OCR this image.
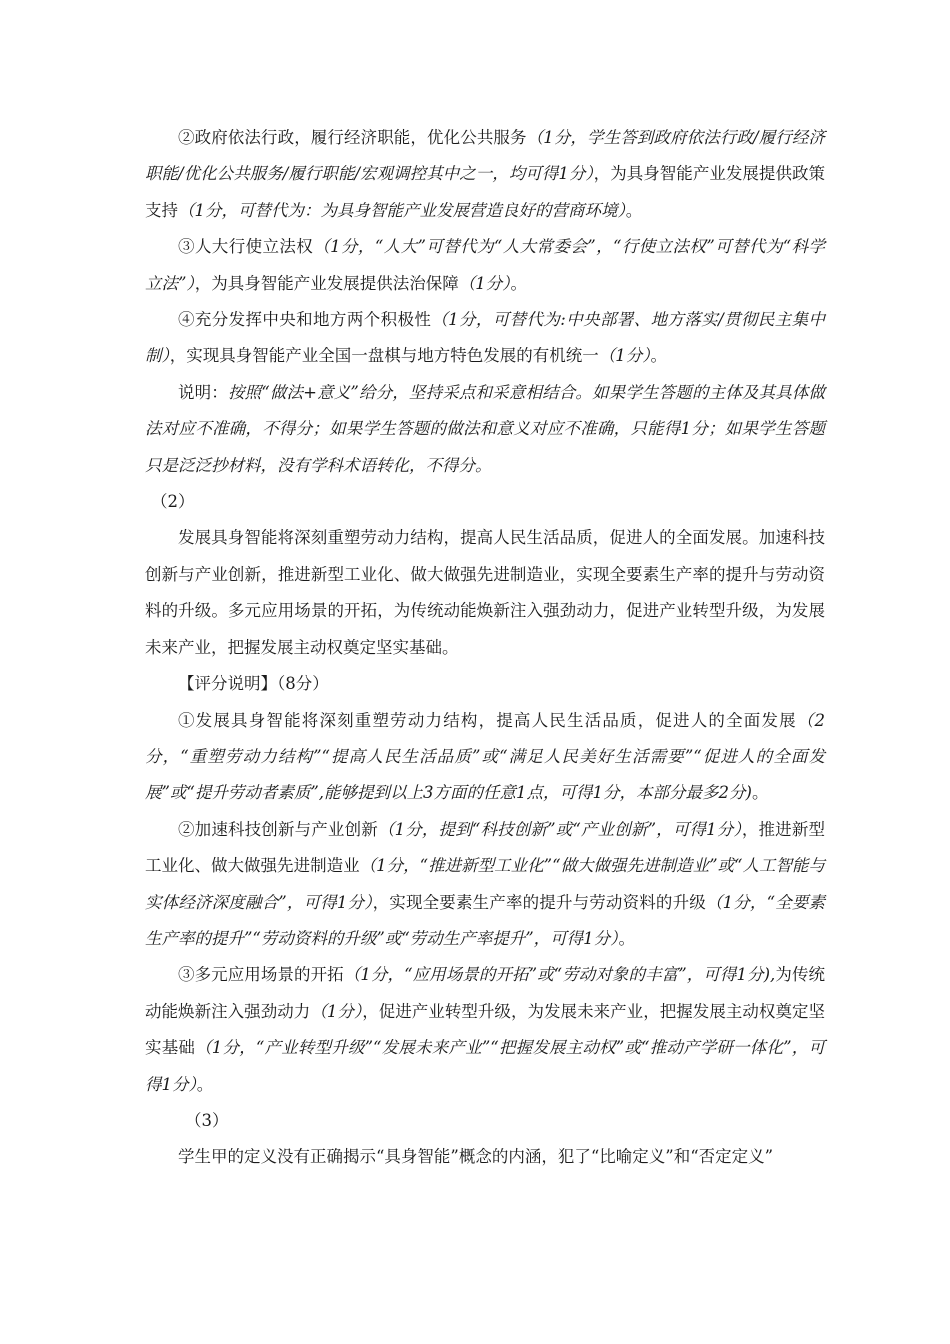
②政府依法行政，履行经济职能，优化公共服务（1分，学生答到政府依法行政/履行经济职能/优化公共服务/履行职能/宏观调控其中之一，均可得1分），为具身智能产业发展提供政策支持（1分，可替代为：为具身智能产业发展营造良好的营商环境）。

③人大行使立法权（1分，“人大”可替代为“人大常委会”，“行使立法权”可替代为“科学立法”），为具身智能产业发展提供法治保障（1分）。

④充分发挥中央和地方两个积极性（1分，可替代为:中央部署、地方落实/贯彻民主集中制），实现具身智能产业全国一盘棋与地方特色发展的有机统一（1分）。

说明：按照“做法+意义”给分，坚持采点和采意相结合。如果学生答题的主体及其具体做法对应不准确，不得分；如果学生答题的做法和意义对应不准确，只能得1分；如果学生答题只是泛泛抄材料，没有学科术语转化，不得分。

（2）

发展具身智能将深刻重塑劳动力结构，提高人民生活品质，促进人的全面发展。加速科技创新与产业创新，推进新型工业化、做大做强先进制造业，实现全要素生产率的提升与劳动资料的升级。多元应用场景的开拓，为传统动能焕新注入强劲动力，促进产业转型升级，为发展未来产业，把握发展主动权奠定坚实基础。

【评分说明】（8分）

①发展具身智能将深刻重塑劳动力结构，提高人民生活品质，促进人的全面发展（2分，“重塑劳动力结构”“提高人民生活品质”或“满足人民美好生活需要”“促进人的全面发展”或“提升劳动者素质”,能够提到以上3方面的任意1点，可得1分，本部分最多2分)。

②加速科技创新与产业创新（1分，提到“科技创新”或“产业创新”，可得1分），推进新型工业化、做大做强先进制造业（1分，“推进新型工业化”“做大做强先进制造业”或“人工智能与实体经济深度融合”，可得1分），实现全要素生产率的提升与劳动资料的升级（1分，“全要素生产率的提升”“劳动资料的升级”或“劳动生产率提升”，可得1分）。

③多元应用场景的开拓（1分，“应用场景的开拓”或“劳动对象的丰富”，可得1分),为传统动能焕新注入强劲动力（1分），促进产业转型升级，为发展未来产业，把握发展主动权奠定坚实基础（1分，“产业转型升级”“发展未来产业”“把握发展主动权”或“推动产学研一体化”，可得1分）。

（3）

学生甲的定义没有正确揭示“具身智能”概念的内涵，犯了“比喻定义”和“否定定义”
